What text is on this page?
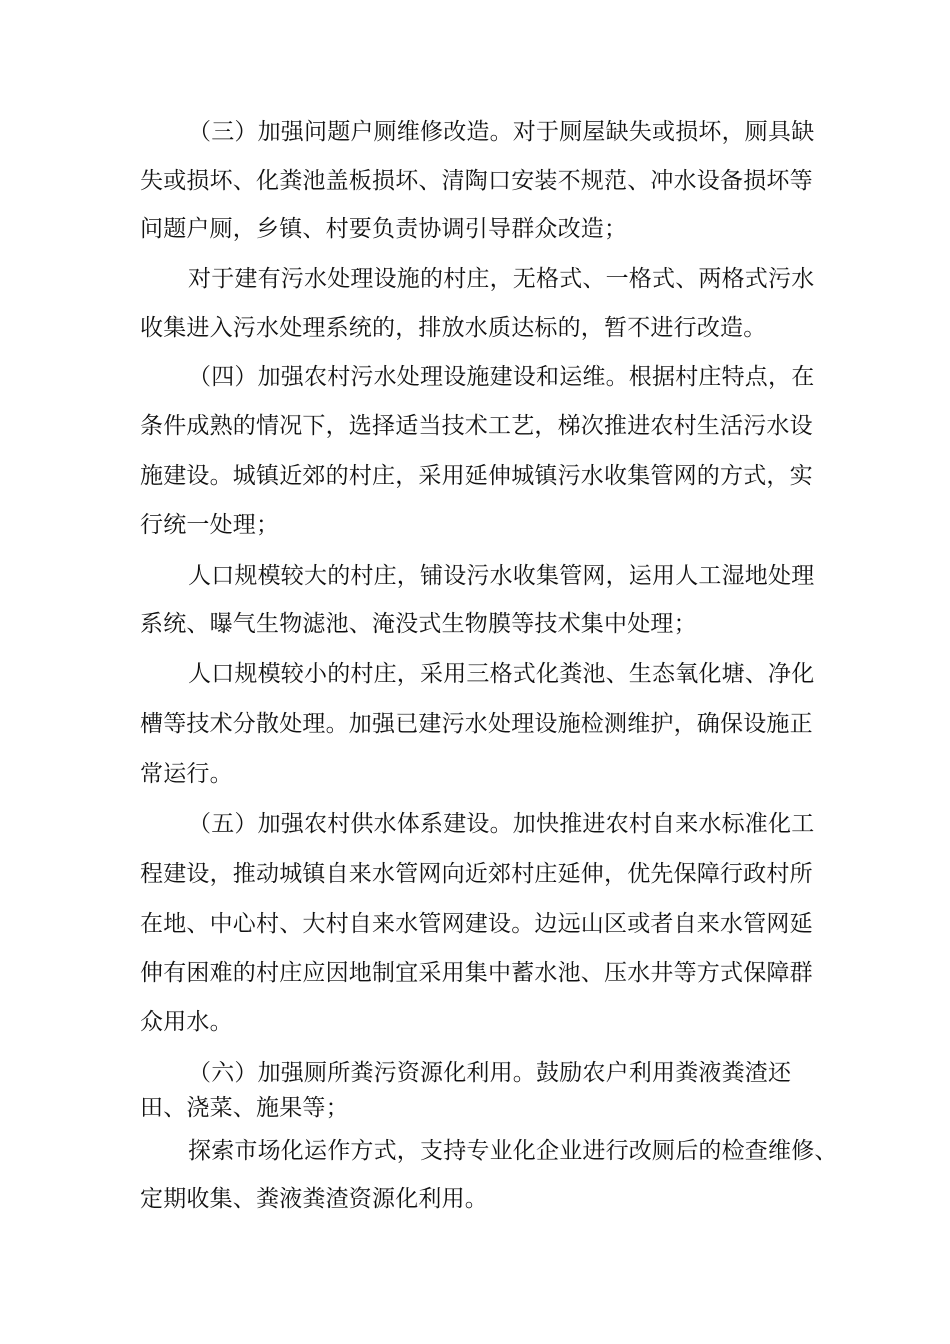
（三）加强问题户厕维修改造。对于厕屋缺失或损坏，厕具缺
失或损坏、化粪池盖板损坏、清陶口安装不规范、冲水设备损坏等
问题户厕，乡镇、村要负责协调引导群众改造；
对于建有污水处理设施的村庄，无格式、一格式、两格式污水
收集进入污水处理系统的，排放水质达标的，暂不进行改造。
（四）加强农村污水处理设施建设和运维。根据村庄特点，在
条件成熟的情况下，选择适当技术工艺，梯次推进农村生活污水设
施建设。城镇近郊的村庄，采用延伸城镇污水收集管网的方式，实
行统一处理；
人口规模较大的村庄，铺设污水收集管网，运用人工湿地处理
系统、曝气生物滤池、淹没式生物膜等技术集中处理；
人口规模较小的村庄，采用三格式化粪池、生态氧化塘、净化
槽等技术分散处理。加强已建污水处理设施检测维护，确保设施正
常运行。
（五）加强农村供水体系建设。加快推进农村自来水标准化工
程建设，推动城镇自来水管网向近郊村庄延伸，优先保障行政村所
在地、中心村、大村自来水管网建设。边远山区或者自来水管网延
伸有困难的村庄应因地制宜采用集中蓄水池、压水井等方式保障群
众用水。
（六）加强厕所粪污资源化利用。鼓励农户利用粪液粪渣还
田、浇菜、施果等；
探索市场化运作方式，支持专业化企业进行改厕后的检查维修、
定期收集、粪液粪渣资源化利用。
